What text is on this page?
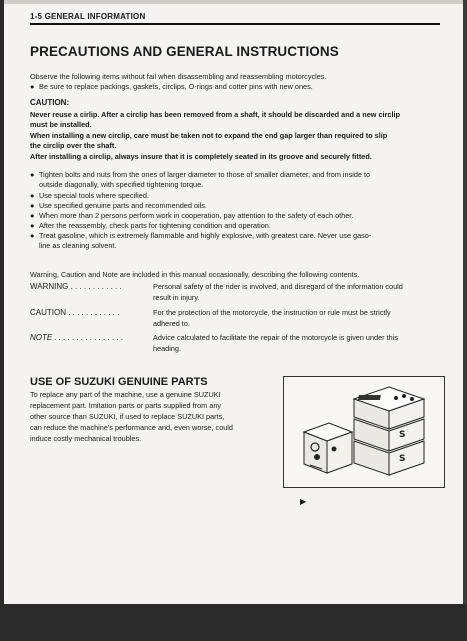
1-5 GENERAL INFORMATION
PRECAUTIONS AND GENERAL INSTRUCTIONS
Observe the following items without fail when disassembling and reassembling motorcycles.
● Be sure to replace packings, gaskets, circlips, O-rings and cotter pins with new ones.
CAUTION:
Never reuse a cirlip. After a circlip has been removed from a shaft, it should be discarded and a new circlip
must be installed.
When installing a new circlip, care must be taken not to expand the end gap larger than required to slip
the circlip over the shaft.
After installing a circlip, always insure that it is completely seated in its groove and securely fitted.
● Tighten bolts and nuts from the ones of larger diameter to those of smaller diameter, and from inside to
outside diagonally, with specified tightening torque.
● Use special tools where specified.
● Use specified genuine parts and recommended oils.
● When more than 2 persons perform work in cooperation, pay attention to the safety of each other.
● After the reassembly, check parts for tightening condition and operation.
● Treat gasoline, which is extremely flammable and highly explosive, with greatest care. Never use gaso-
line as cleaning solvent.
Warning, Caution and Note are included in this manual occasionally, describing the following contents.
WARNING . . . . . . . . . . . .	Personal safety of the rider is involved, and disregard of the information could
result in injury.
CAUTION . . . . . . . . . . . .	For the protection of the motorcycle, the instruction or rule must be strictly
adhered to.
NOTE . . . . . . . . . . . . . . . .	Advice calculated to facilitate the repair of the motorcycle is given under this
heading.
USE OF SUZUKI GENUINE PARTS
To replace any part of the machine, use a genuine SUZUKI
replacement part. Imitation parts or parts supplied from any
other source than SUZUKI, if used to replace SUZUKI parts,
can reduce the machine's performance and, even worse, could
induce costly mechanical troubles.	S
S
▶
